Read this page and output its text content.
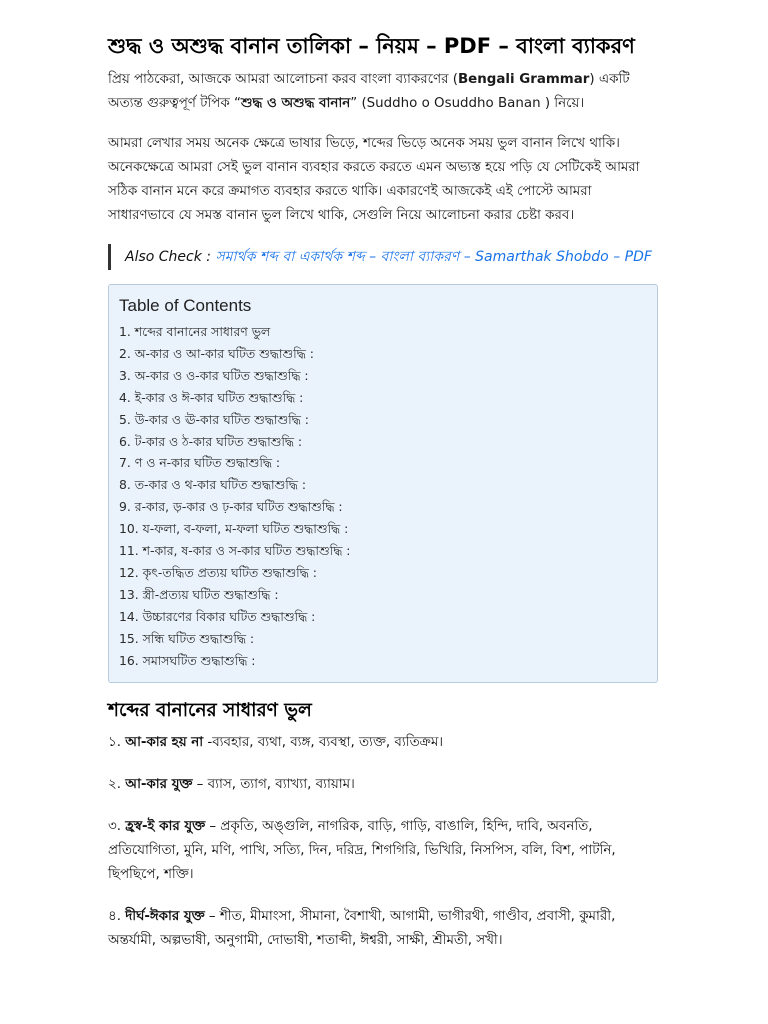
শুদ্ধ ও অশুদ্ধ বানান তালিকা – নিয়ম – PDF – বাংলা ব্যাকরণ

প্রিয় পাঠকেরা, আজকে আমরা আলোচনা করব বাংলা ব্যাকরণের (Bengali Grammar) একটি অত্যন্ত গুরুত্বপূর্ণ টপিক “শুদ্ধ ও অশুদ্ধ বানান” (Suddho o Osuddho Banan ) নিয়ে।

আমরা লেখার সময় অনেক ক্ষেত্রে ভাষার ভিড়ে, শব্দের ভিড়ে অনেক সময় ভুল বানান লিখে থাকি। অনেকক্ষেত্রে আমরা সেই ভুল বানান ব্যবহার করতে করতে এমন অভ্যস্ত হয়ে পড়ি যে সেটিকেই আমরা সঠিক বানান মনে করে ক্রমাগত ব্যবহার করতে থাকি। একারণেই আজকেই এই পোস্টে আমরা সাধারণভাবে যে সমস্ত বানান ভুল লিখে থাকি, সেগুলি নিয়ে আলোচনা করার চেষ্টা করব।

Also Check : সমার্থক শব্দ বা একার্থক শব্দ – বাংলা ব্যাকরণ – Samarthak Shobdo – PDF
Table of Contents
1. শব্দের বানানের সাধারণ ভুল
2. অ-কার ও আ-কার ঘটিত শুদ্ধাশুদ্ধি :
3. অ-কার ও ও-কার ঘটিত শুদ্ধাশুদ্ধি :
4. ই-কার ও ঈ-কার ঘটিত শুদ্ধাশুদ্ধি :
5. উ-কার ও ঊ-কার ঘটিত শুদ্ধাশুদ্ধি :
6. ট-কার ও ঠ-কার ঘটিত শুদ্ধাশুদ্ধি :
7. ণ ও ন-কার ঘটিত শুদ্ধাশুদ্ধি :
8. ত-কার ও থ-কার ঘটিত শুদ্ধাশুদ্ধি :
9. র-কার, ড়-কার ও ঢ়-কার ঘটিত শুদ্ধাশুদ্ধি :
10. য-ফলা, ব-ফলা, ম-ফলা ঘটিত শুদ্ধাশুদ্ধি :
11. শ-কার, ষ-কার ও স-কার ঘটিত শুদ্ধাশুদ্ধি :
12. কৃৎ-তদ্ধিত প্রত্যয় ঘটিত শুদ্ধাশুদ্ধি :
13. স্ত্রী-প্রত্যয় ঘটিত শুদ্ধাশুদ্ধি :
14. উচ্চারণের বিকার ঘটিত শুদ্ধাশুদ্ধি :
15. সন্ধি ঘটিত শুদ্ধাশুদ্ধি :
16. সমাসঘটিত শুদ্ধাশুদ্ধি :
শব্দের বানানের সাধারণ ভুল

১. আ-কার হয় না -ব্যবহার, ব্যথা, ব্যঙ্গ, ব্যবস্থা, ত্যক্ত, ব্যতিক্রম।

২. আ-কার যুক্ত – ব্যাস, ত্যাগ, ব্যাখ্যা, ব্যায়াম।

৩. হ্রস্ব-ই কার যুক্ত – প্রকৃতি, অঙ্গুলি, নাগরিক, বাড়ি, গাড়ি, বাঙালি, হিন্দি, দাবি, অবনতি, প্রতিযোগিতা, মুনি, মণি, পাখি, সত্যি, দিন, দরিদ্র, শিগগিরি, ভিখিরি, নিসপিস, বলি, বিশ, পাটনি, ছিপছিপে, শক্তি।

৪. দীর্ঘ-ঈকার যুক্ত – শীত, মীমাংসা, সীমানা, বৈশাখী, আগামী, ভাগীরথী, গাণ্ডীব, প্রবাসী, কুমারী, অন্তর্যামী, অল্পভাষী, অনুগামী, দোভাষী, শতাব্দী, ঈশ্বরী, সাক্ষী, শ্রীমতী, সখী।
